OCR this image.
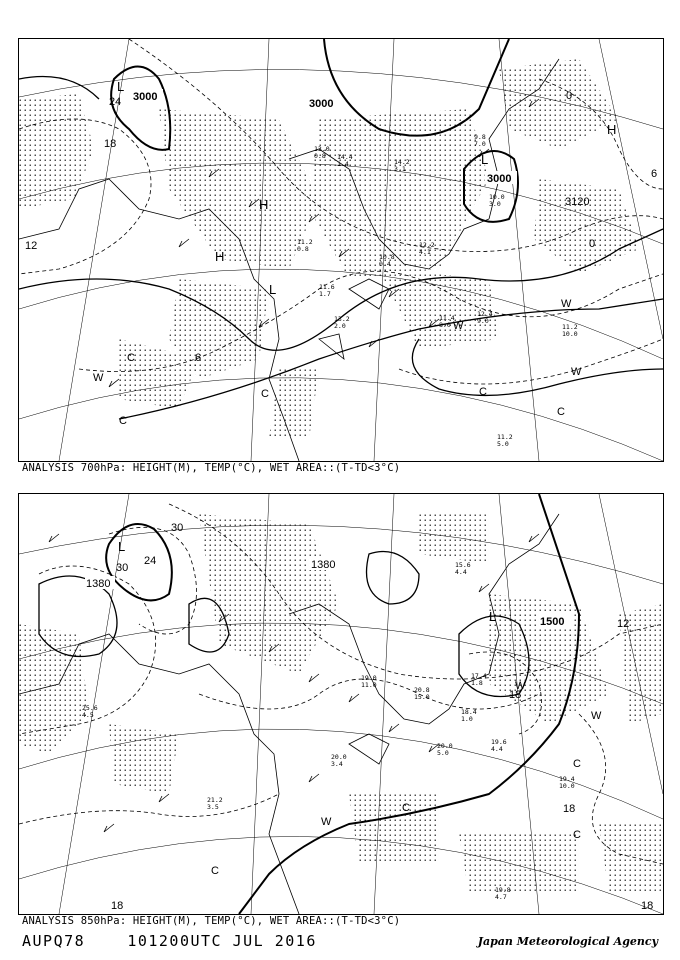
3000
3000
3000
3120
24
18
12
6
0
0
6
L
L
L
H
H
H
C
C
C	C
C
W
W
W
W
13.0
0.8 14.4
1.4
11.2
0.8	12.2
4.1
11.4
8.0
12.4
9.0
11.2
10.0
11.2
5.0
10.8
0.4
9.8
7.0
11.6
1.7
13.2
2.0
14.2
3.1
10.0
3.0
ANALYSIS 700hPa: HEIGHT(M), TEMP(°C), WET AREA::(T-TD<3°C)
1380
1380
1500
30
24
30
12
18
18
18	18
L
L
C
C
C
C
W
W
W
20.0
3.4
20.0
5.0
19.6
4.4
19.4
10.0
19.8
4.7
20.8
15.0
19.0
11.0
18.4
1.0
21.2
3.5
15.6
4.4
17.4
1.8
25.6
4.5
ANALYSIS 850hPa: HEIGHT(M), TEMP(°C), WET AREA::(T-TD<3°C)
AUPQ78	101200UTC JUL 2016	Japan Meteorological Agency
